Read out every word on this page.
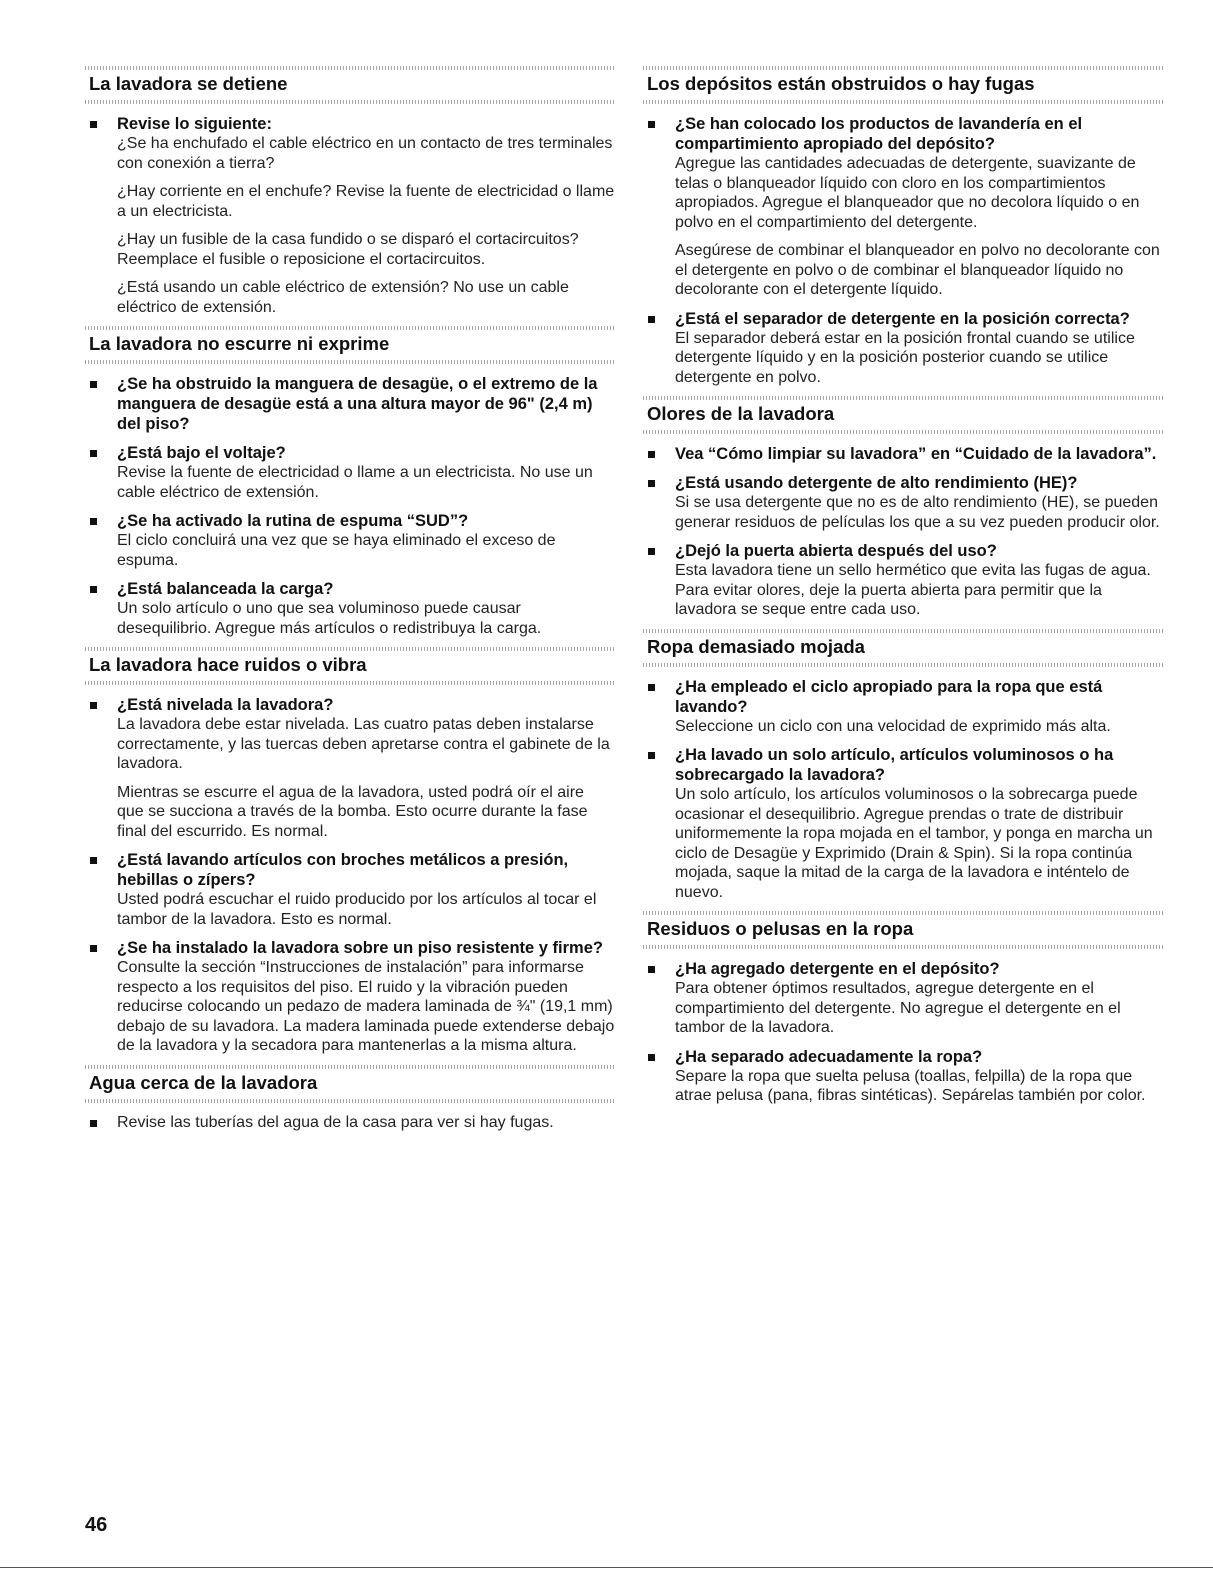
La lavadora se detiene
Revise lo siguiente:

¿Se ha enchufado el cable eléctrico en un contacto de tres terminales con conexión a tierra?

¿Hay corriente en el enchufe? Revise la fuente de electricidad o llame a un electricista.

¿Hay un fusible de la casa fundido o se disparó el cortacircuitos? Reemplace el fusible o reposicione el cortacircuitos.

¿Está usando un cable eléctrico de extensión? No use un cable eléctrico de extensión.

La lavadora no escurre ni exprime
¿Se ha obstruido la manguera de desagüe, o el extremo de la manguera de desagüe está a una altura mayor de 96" (2,4 m) del piso?
¿Está bajo el voltaje?

Revise la fuente de electricidad o llame a un electricista. No use un cable eléctrico de extensión.

¿Se ha activado la rutina de espuma “SUD”?

El ciclo concluirá una vez que se haya eliminado el exceso de espuma.

¿Está balanceada la carga?

Un solo artículo o uno que sea voluminoso puede causar desequilibrio. Agregue más artículos o redistribuya la carga.

La lavadora hace ruidos o vibra
¿Está nivelada la lavadora?

La lavadora debe estar nivelada. Las cuatro patas deben instalarse correctamente, y las tuercas deben apretarse contra el gabinete de la lavadora.

Mientras se escurre el agua de la lavadora, usted podrá oír el aire que se succiona a través de la bomba. Esto ocurre durante la fase final del escurrido. Es normal.

¿Está lavando artículos con broches metálicos a presión, hebillas o zípers?

Usted podrá escuchar el ruido producido por los artículos al tocar el tambor de la lavadora. Esto es normal.

¿Se ha instalado la lavadora sobre un piso resistente y firme?

Consulte la sección “Instrucciones de instalación” para informarse respecto a los requisitos del piso. El ruido y la vibración pueden reducirse colocando un pedazo de madera laminada de ¾" (19,1 mm) debajo de su lavadora. La madera laminada puede extenderse debajo de la lavadora y la secadora para mantenerlas a la misma altura.

Agua cerca de la lavadora

Revise las tuberías del agua de la casa para ver si hay fugas.

Los depósitos están obstruidos o hay fugas
¿Se han colocado los productos de lavandería en el compartimiento apropiado del depósito?

Agregue las cantidades adecuadas de detergente, suavizante de telas o blanqueador líquido con cloro en los compartimientos apropiados. Agregue el blanqueador que no decolora líquido o en polvo en el compartimiento del detergente.

Asegúrese de combinar el blanqueador en polvo no decolorante con el detergente en polvo o de combinar el blanqueador líquido no decolorante con el detergente líquido.

¿Está el separador de detergente en la posición correcta?

El separador deberá estar en la posición frontal cuando se utilice detergente líquido y en la posición posterior cuando se utilice detergente en polvo.

Olores de la lavadora
Vea “Cómo limpiar su lavadora” en “Cuidado de la lavadora”.
¿Está usando detergente de alto rendimiento (HE)?

Si se usa detergente que no es de alto rendimiento (HE), se pueden generar residuos de películas los que a su vez pueden producir olor.

¿Dejó la puerta abierta después del uso?

Esta lavadora tiene un sello hermético que evita las fugas de agua. Para evitar olores, deje la puerta abierta para permitir que la lavadora se seque entre cada uso.

Ropa demasiado mojada
¿Ha empleado el ciclo apropiado para la ropa que está lavando?

Seleccione un ciclo con una velocidad de exprimido más alta.

¿Ha lavado un solo artículo, artículos voluminosos o ha sobrecargado la lavadora?

Un solo artículo, los artículos voluminosos o la sobrecarga puede ocasionar el desequilibrio. Agregue prendas o trate de distribuir uniformemente la ropa mojada en el tambor, y ponga en marcha un ciclo de Desagüe y Exprimido (Drain & Spin). Si la ropa continúa mojada, saque la mitad de la carga de la lavadora e inténtelo de nuevo.

Residuos o pelusas en la ropa
¿Ha agregado detergente en el depósito?

Para obtener óptimos resultados, agregue detergente en el compartimiento del detergente. No agregue el detergente en el tambor de la lavadora.

¿Ha separado adecuadamente la ropa?

Separe la ropa que suelta pelusa (toallas, felpilla) de la ropa que atrae pelusa (pana, fibras sintéticas). Sepárelas también por color.

46
